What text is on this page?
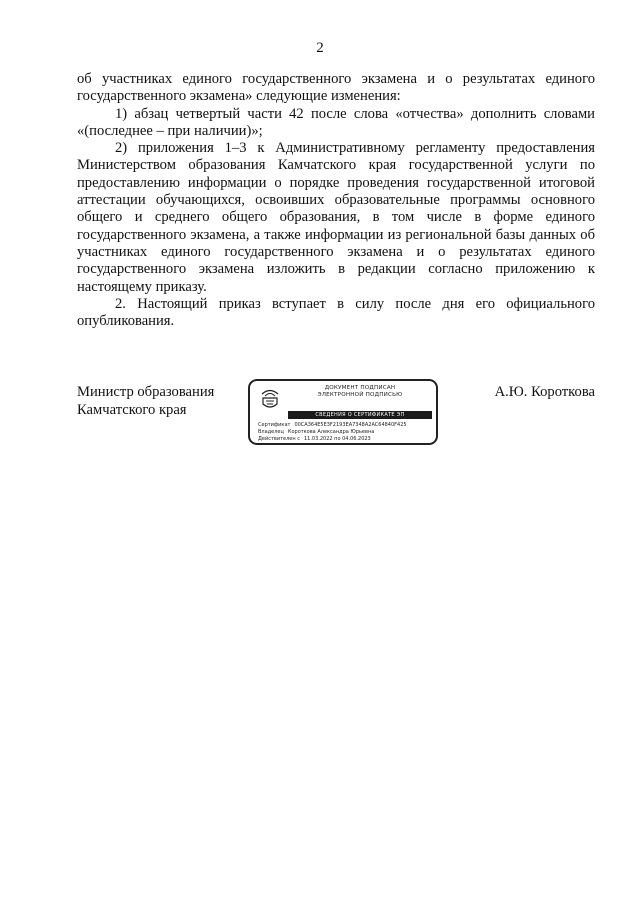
2

об участниках единого государственного экзамена и о результатах единого государственного экзамена» следующие изменения:

1) абзац четвертый части 42 после слова «отчества» дополнить словами «(последнее – при наличии)»;

2) приложения 1–3 к Административному регламенту предоставления Министерством образования Камчатского края государственной услуги по предоставлению информации о порядке проведения государственной итоговой аттестации обучающихся, освоивших образовательные программы основного общего и среднего общего образования, в том числе в форме единого государственного экзамена, а также информации из региональной базы данных об участниках единого государственного экзамена и о результатах единого государственного экзамена изложить в редакции согласно приложению к настоящему приказу.

2. Настоящий приказ вступает в силу после дня его официального опубликования.

Министр образования
Камчатского края
ДОКУМЕНТ ПОДПИСАН
ЭЛЕКТРОННОЙ ПОДПИСЬЮ
СВЕДЕНИЯ О СЕРТИФИКАТЕ ЭП
Сертификат 00CA364E5E3F2193EA7348A2AC64840F425
Владелец Короткова Александра Юрьевна
Действителен с 11.03.2022 по 04.06.2023
А.Ю. Короткова
